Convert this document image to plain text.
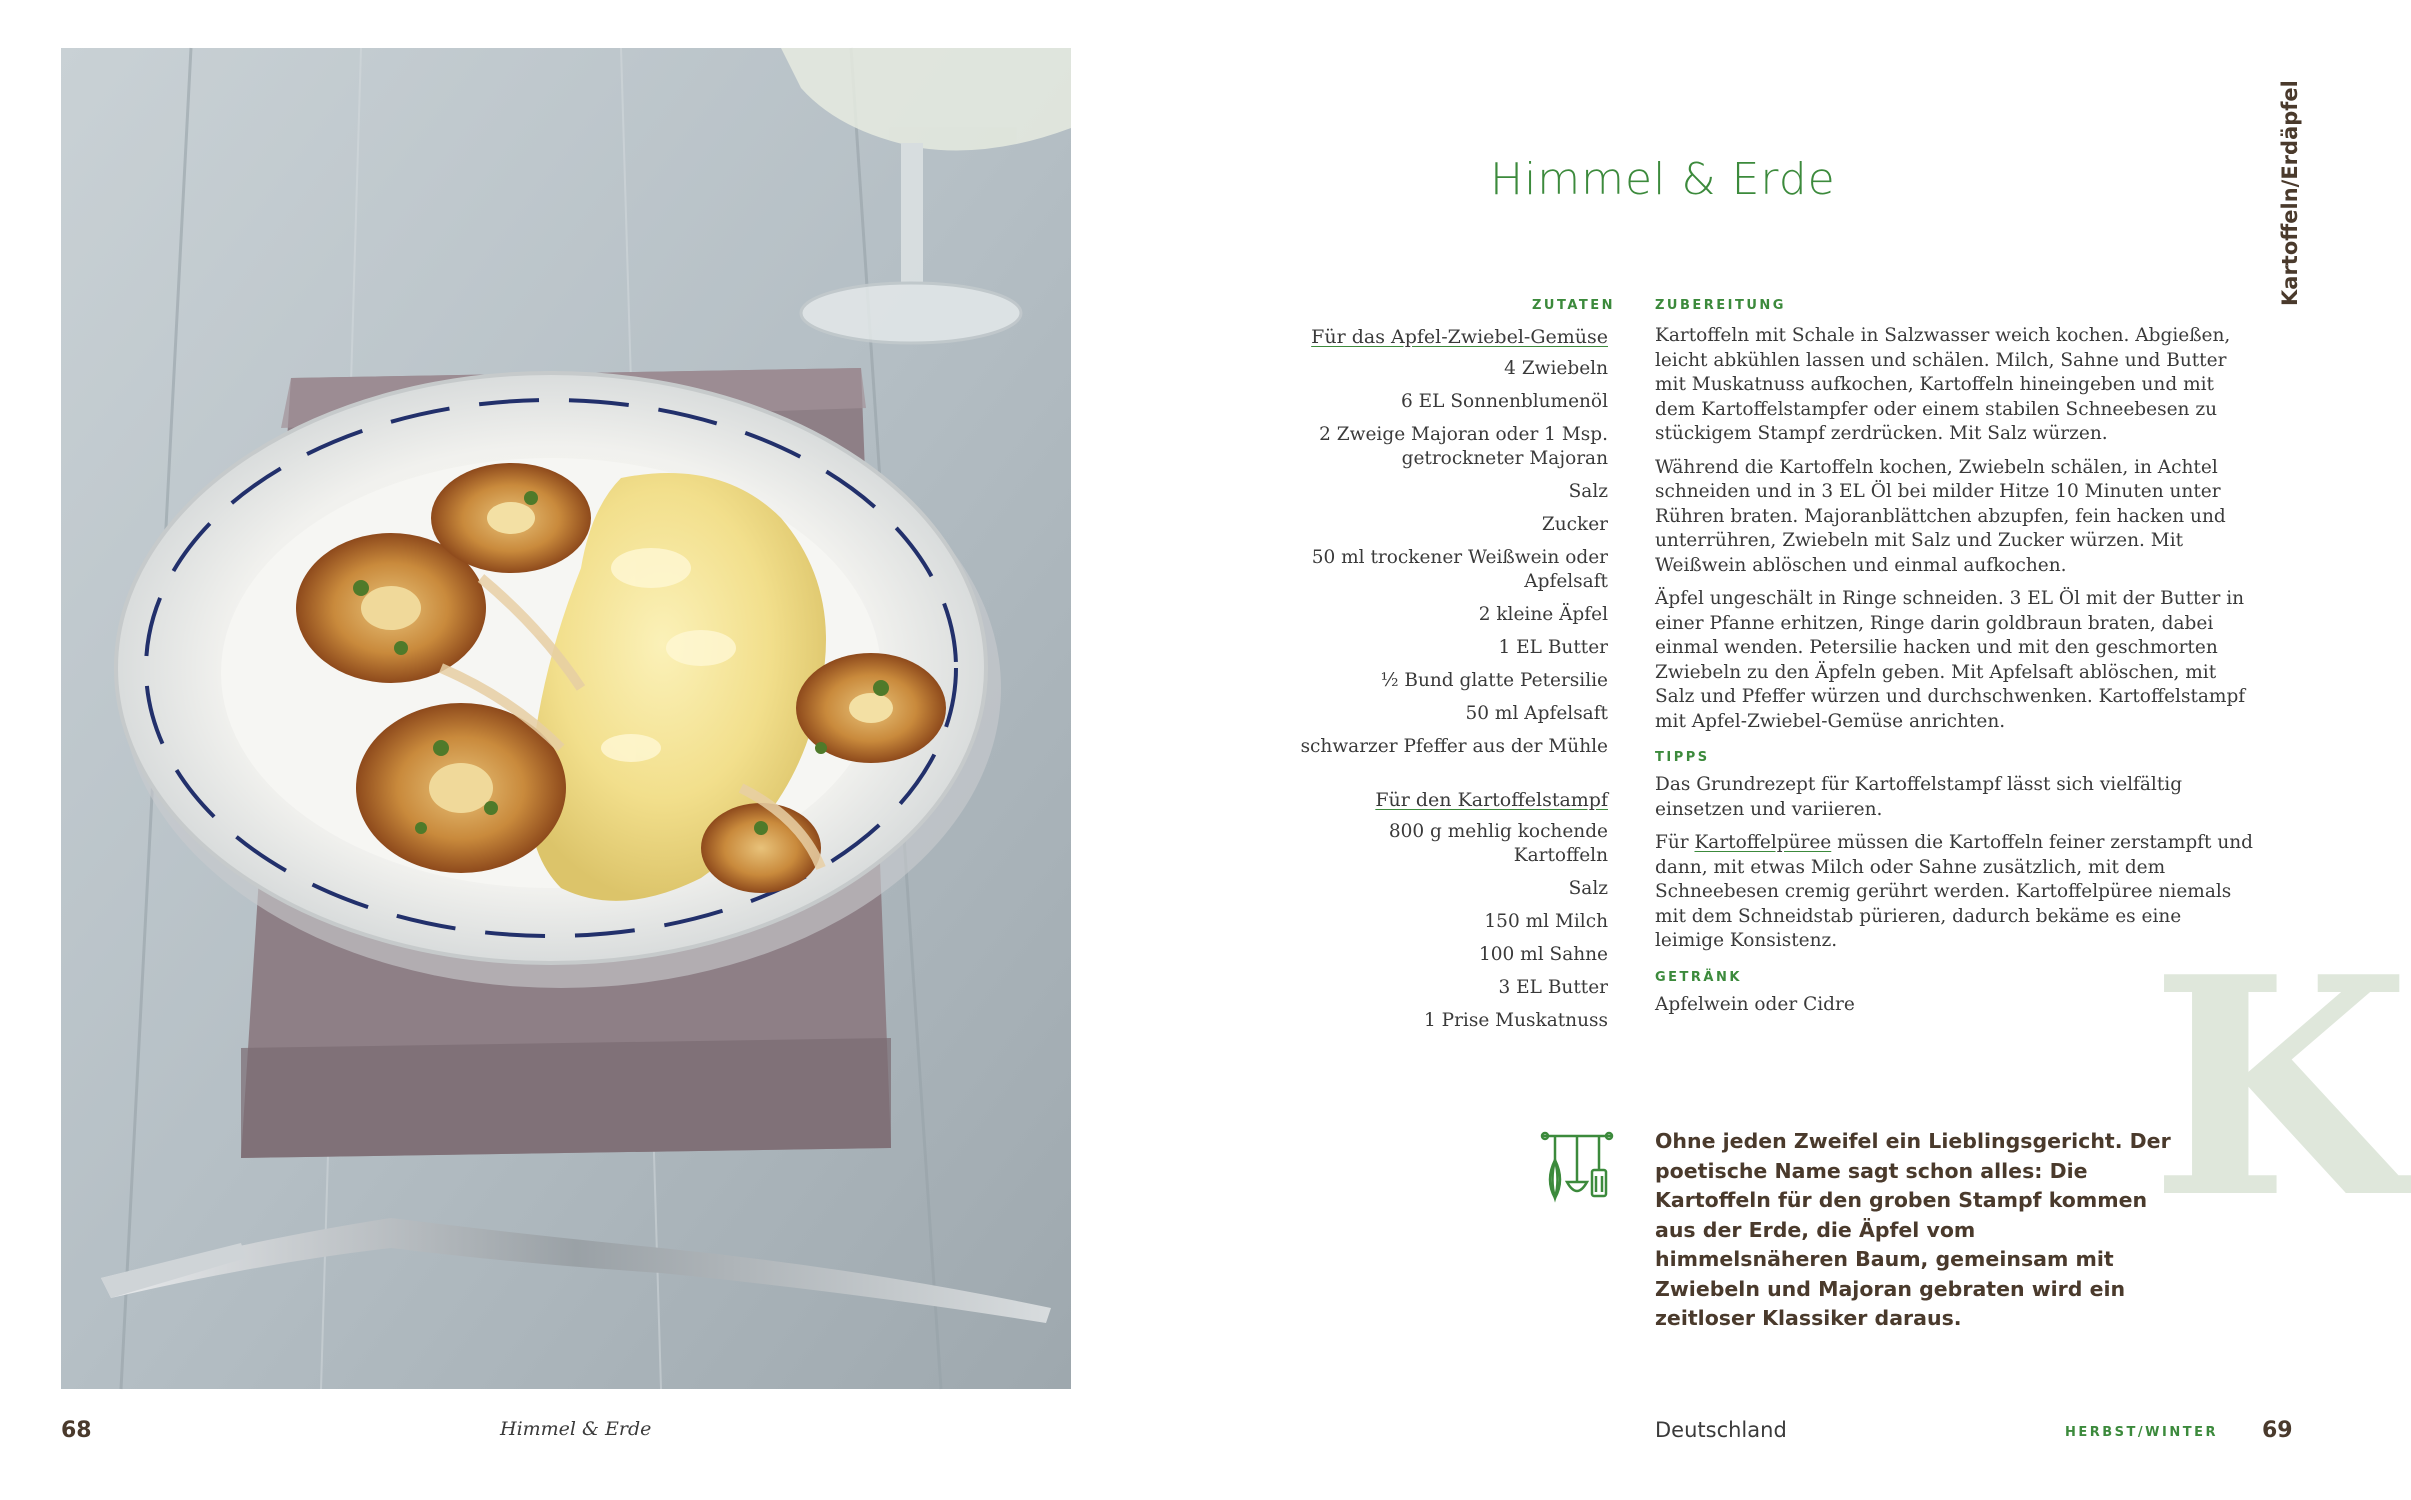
Himmel & Erde	Kartoffeln/Erdäpfel
ZUTATEN	ZUBEREITUNG
Für das Apfel-Zwiebel-Gemüse
4 Zwiebeln
6 EL Sonnenblumenöl
2 Zweige Majoran oder 1 Msp. getrockneter Majoran
Salz
Zucker
50 ml trockener Weißwein oder Apfelsaft
2 kleine Äpfel
1 EL Butter
½ Bund glatte Petersilie
50 ml Apfelsaft
schwarzer Pfeffer aus der Mühle
Für den Kartoffelstampf
800 g mehlig kochende Kartoffeln
Salz
150 ml Milch
100 ml Sahne
3 EL Butter
1 Prise Muskatnuss

Kartoffeln mit Schale in Salzwasser weich kochen. Abgießen, leicht abkühlen lassen und schälen. Milch, Sahne und Butter mit Muskatnuss aufkochen, Kartoffeln hineingeben und mit dem Kartoffelstampfer oder einem stabilen Schneebesen zu stückigem Stampf zerdrücken. Mit Salz würzen.

Während die Kartoffeln kochen, Zwiebeln schälen, in Achtel schneiden und in 3 EL Öl bei milder Hitze 10 Minuten unter Rühren braten. Majoranblättchen abzupfen, fein hacken und unterrühren, Zwiebeln mit Salz und Zucker würzen. Mit Weißwein ablöschen und einmal aufkochen.

Äpfel ungeschält in Ringe schneiden. 3 EL Öl mit der Butter in einer Pfanne erhitzen, Ringe darin goldbraun braten, dabei einmal wenden. Petersilie hacken und mit den geschmorten Zwiebeln zu den Äpfeln geben. Mit Apfelsaft ablöschen, mit Salz und Pfeffer würzen und durchschwenken. Kartoffelstampf mit Apfel-Zwiebel-Gemüse anrichten.

TIPPS

Das Grundrezept für Kartoffelstampf lässt sich vielfältig einsetzen und variieren.

Für Kartoffelpüree müssen die Kartoffeln feiner zerstampft und dann, mit etwas Milch oder Sahne zusätzlich, mit dem Schneebesen cremig gerührt werden. Kartoffelpüree niemals mit dem Schneidstab pürieren, dadurch bekäme es eine leimige Konsistenz.

GETRÄNK

Apfelwein oder Cidre K
Ohne jeden Zweifel ein Lieblingsgericht. Der poetische Name sagt schon alles: Die Kartoffeln für den groben Stampf kommen aus der Erde, die Äpfel vom himmelsnäheren Baum, gemeinsam mit Zwiebeln und Majoran gebraten wird ein zeitloser Klassiker daraus.
68	Himmel & Erde	Deutschland	HERBST/WINTER 69
